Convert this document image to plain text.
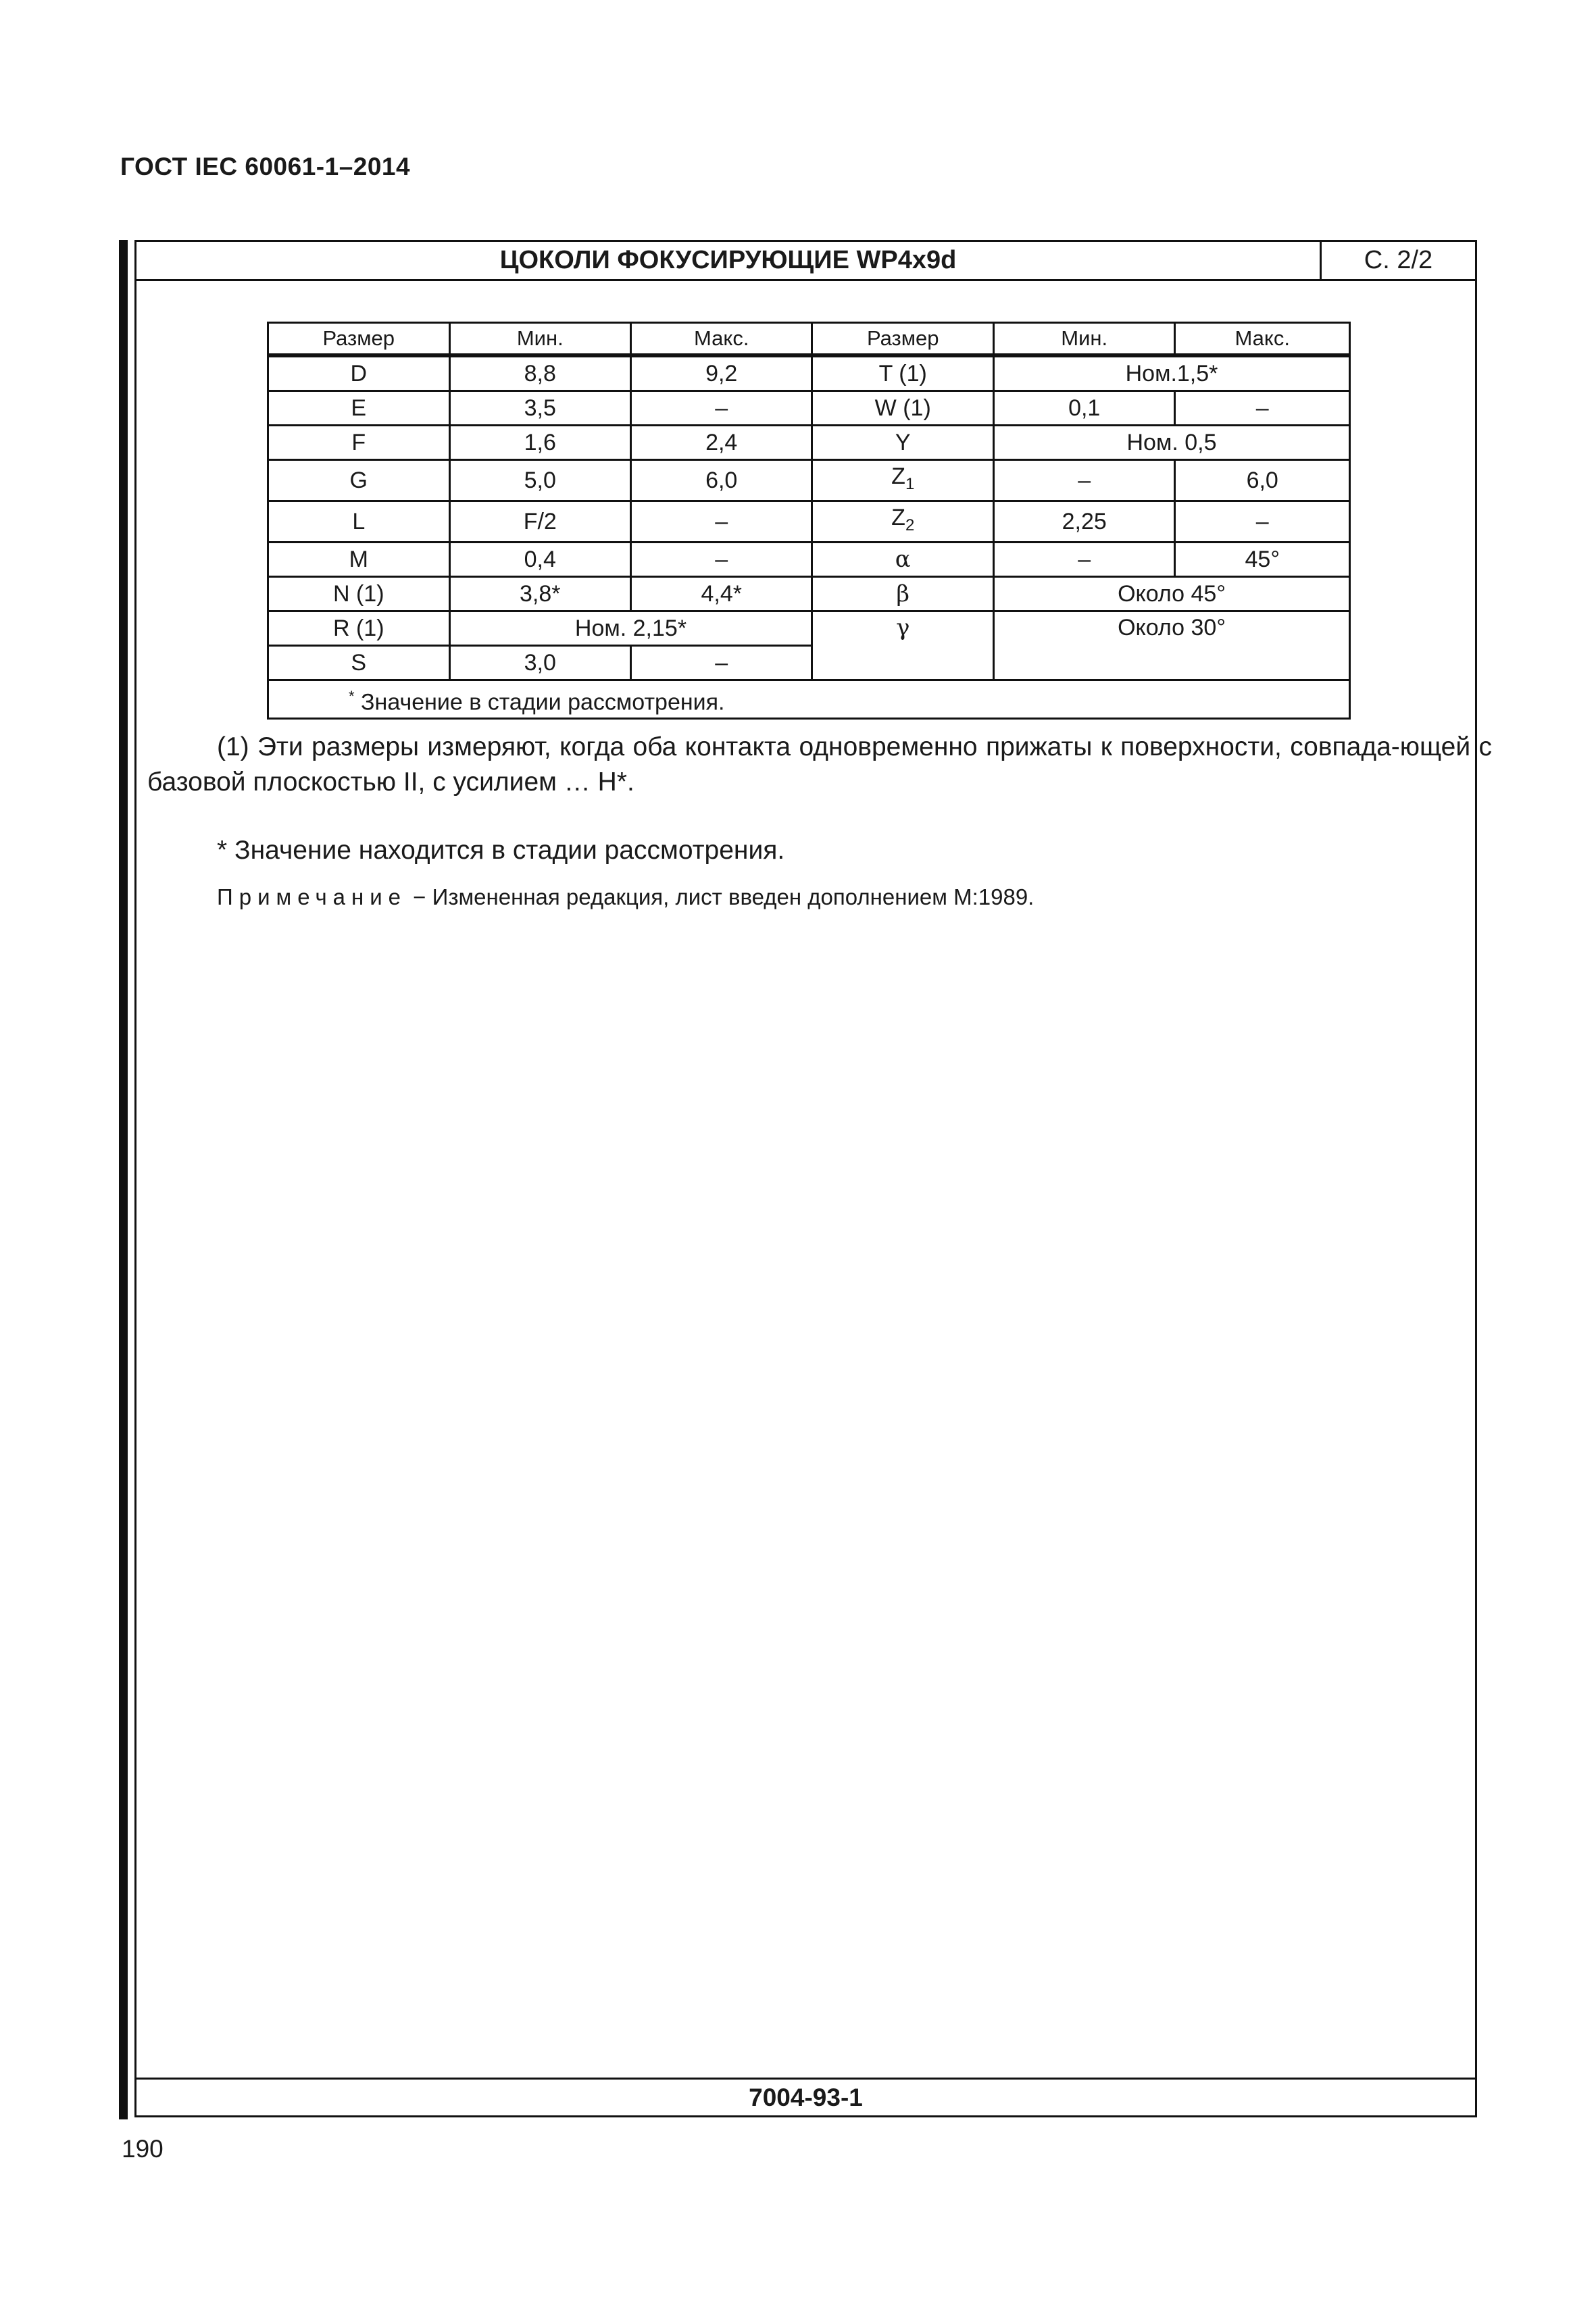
ГОСТ IEC 60061-1–2014
ЦОКОЛИ ФОКУСИРУЮЩИЕ WP4x9d	С. 2/2
Размер	Мин.	Макс.	Размер	Мин.	Макс.
D	8,8	9,2	T (1)	Ном.1,5*	
E	3,5	–	W (1)	0,1	–
F	1,6	2,4	Y	Ном. 0,5	
G	5,0	6,0	$Z_1$	–	6,0
L	F/2	–	$Z_2$	2,25	–
M	0,4	–	α	–	45°
N (1)	3,8*	4,4*	β	Около 45°	
R (1)	Ном. 2,15*		γ	Около 30°	
S	3,0	–			
* Значение в стадии рассмотрения.					
(1) Эти размеры измеряют, когда оба контакта одновременно прижаты к поверхности, совпада-ющей с базовой плоскостью II, с усилием … Н*.
* Значение находится в стадии рассмотрения.
Примечание − Измененная редакция, лист введен дополнением М:1989.
7004-93-1
190
